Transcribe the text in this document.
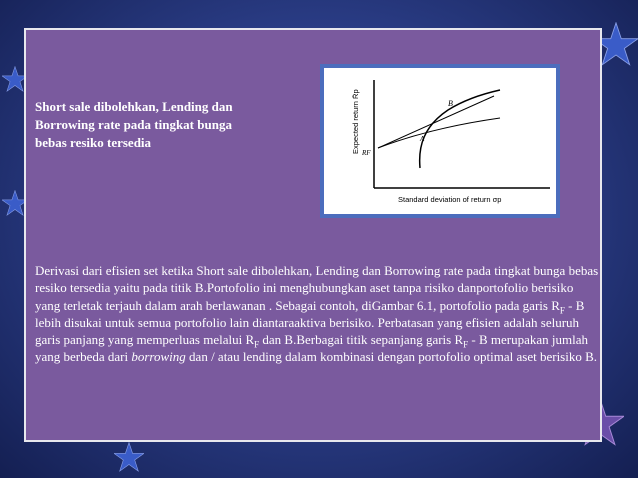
Short sale dibolehkan, Lending dan
Borrowing rate pada tingkat bunga
bebas resiko tersedia	Expected return R̄p
Standard deviation of return σp
B
A
RF

Derivasi dari efisien set ketika Short sale dibolehkan, Lending dan Borrowing rate pada tingkat bunga bebas resiko tersedia yaitu pada titik B.Portofolio ini menghubungkan aset tanpa risiko danportofolio berisiko yang terletak terjauh dalam arah berlawanan . Sebagai contoh, diGambar 6.1, portofolio pada garis $R_F$ - B lebih disukai untuk semua portofolio lain diantaraaktiva berisiko. Perbatasan yang efisien adalah seluruh garis panjang yang memperluas melalui $R_F$ dan B.Berbagai titik sepanjang garis $R_F$ - B merupakan jumlah yang berbeda dari borrowing dan / atau lending dalam kombinasi dengan portofolio optimal aset berisiko B.
